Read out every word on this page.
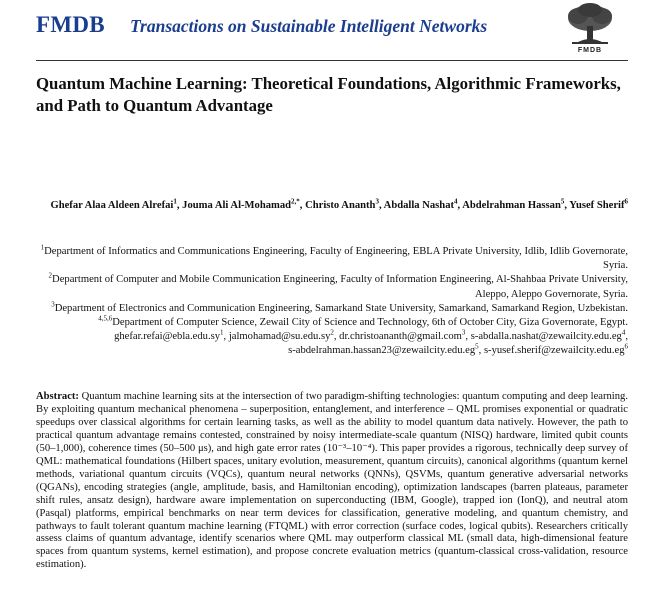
FMDB Transactions on Sustainable Intelligent Networks
FMDB
Quantum Machine Learning: Theoretical Foundations, Algorithmic Frameworks, and Path to Quantum Advantage
Ghefar Alaa Aldeen Alrefai$^1$, Jouma Ali Al-Mohamad$^{2,*}$, Christo Ananth$^3$, Abdalla Nashat$^4$, Abdelrahman Hassan$^5$, Yusef Sherif$^6$
$^1$Department of Informatics and Communications Engineering, Faculty of Engineering, EBLA Private University, Idlib, Idlib Governorate, Syria.
$^2$Department of Computer and Mobile Communication Engineering, Faculty of Information Engineering, Al-Shahbaa Private University, Aleppo, Aleppo Governorate, Syria.
$^3$Department of Electronics and Communication Engineering, Samarkand State University, Samarkand, Samarkand Region, Uzbekistan.
$^{4,5,6}$Department of Computer Science, Zewail City of Science and Technology, 6th of October City, Giza Governorate, Egypt.
$ghefar.refai@ebla.edu.sy^1$, $jalmohamad@su.edu.sy^2$, dr.christoananth@gmail.com$^3$, $s-abdalla.nashat@zewailcity.edu.eg^4$,
$s-abdelrahman.hassan23@zewailcity.edu.eg^5$, $s-yusef.sherif@zewailcity.edu.eg^6$
Abstract: Quantum machine learning sits at the intersection of two paradigm-shifting technologies: quantum computing and deep learning. By exploiting quantum mechanical phenomena – superposition, entanglement, and interference – QML promises exponential or quadratic speedups over classical algorithms for certain learning tasks, as well as the ability to model quantum data natively. However, the path to practical quantum advantage remains contested, constrained by noisy intermediate-scale quantum (NISQ) hardware, limited qubit counts (50–1,000), coherence times (50–500 μs), and high gate error rates (10⁻³–10⁻⁴). This paper provides a rigorous, technically deep survey of QML: mathematical foundations (Hilbert spaces, unitary evolution, measurement, quantum circuits), canonical algorithms (quantum kernel methods, variational quantum circuits (VQCs), quantum neural networks (QNNs), QSVMs, quantum generative adversarial networks (QGANs), encoding strategies (angle, amplitude, basis, and Hamiltonian encoding), optimization landscapes (barren plateaus, parameter shift rules, ansatz design), hardware aware implementation on superconducting (IBM, Google), trapped ion (IonQ), and neutral atom (Pasqal) platforms, empirical benchmarks on near term devices for classification, generative modeling, and quantum chemistry, and pathways to fault tolerant quantum machine learning (FTQML) with error correction (surface codes, logical qubits). Researchers critically assess claims of quantum advantage, identify scenarios where QML may outperform classical ML (small data, high-dimensional feature spaces from quantum systems, kernel estimation), and propose concrete evaluation metrics (quantum-classical cross-validation, resource estimation).
